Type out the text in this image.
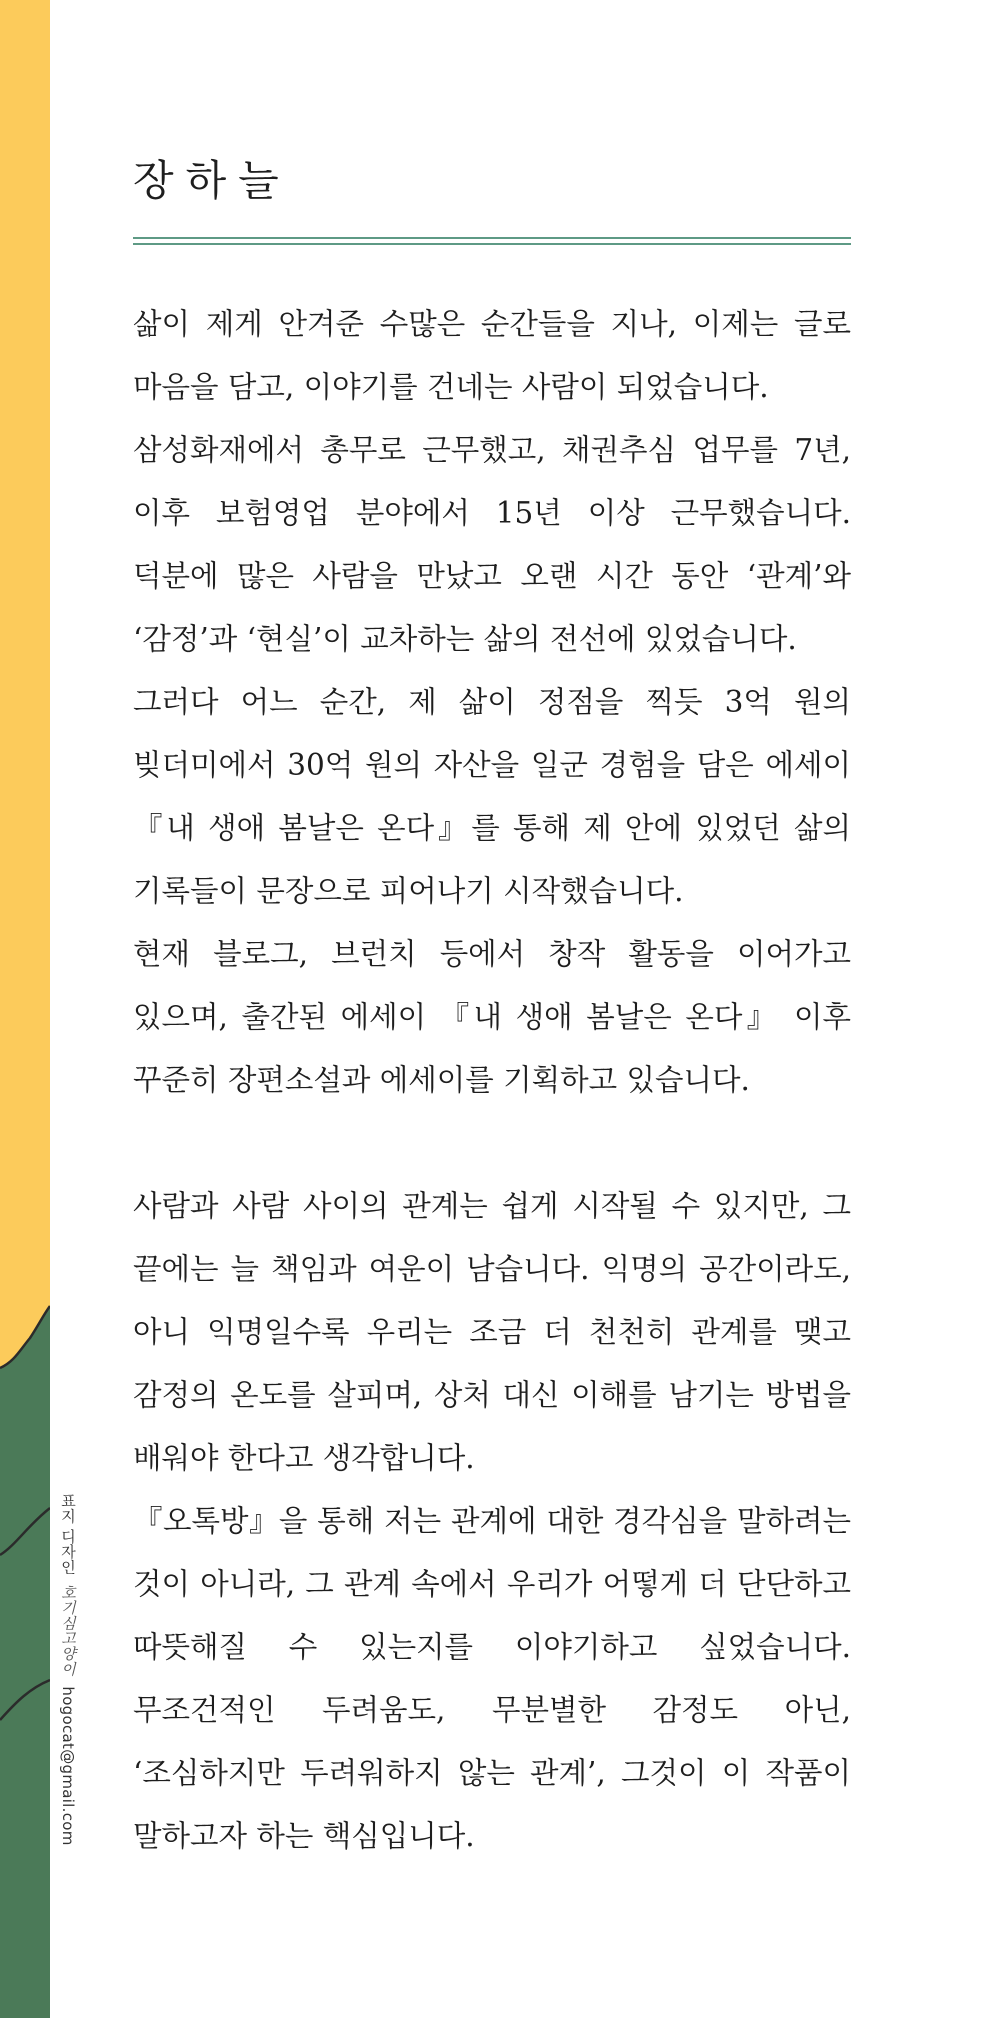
표지 디자인호기심고양이hogocat@gmail.com
장하늘

삶이 제게 안겨준 수많은 순간들을 지나, 이제는 글로 마음을 담고, 이야기를 건네는 사람이 되었습니다.

삼성화재에서 총무로 근무했고, 채권추심 업무를 7년, 이후 보험영업 분야에서 15년 이상 근무했습니다. 덕분에 많은 사람을 만났고 오랜 시간 동안 ‘관계’와 ‘감정’과 ‘현실’이 교차하는 삶의 전선에 있었습니다.

그러다 어느 순간, 제 삶이 정점을 찍듯 3억 원의 빚더미에서 30억 원의 자산을 일군 경험을 담은 에세이 『내 생애 봄날은 온다』를 통해 제 안에 있었던 삶의 기록들이 문장으로 피어나기 시작했습니다.

현재 블로그, 브런치 등에서 창작 활동을 이어가고 있으며, 출간된 에세이 『내 생애 봄날은 온다』 이후 꾸준히 장편소설과 에세이를 기획하고 있습니다.

사람과 사람 사이의 관계는 쉽게 시작될 수 있지만, 그 끝에는 늘 책임과 여운이 남습니다. 익명의 공간이라도, 아니 익명일수록 우리는 조금 더 천천히 관계를 맺고 감정의 온도를 살피며, 상처 대신 이해를 남기는 방법을 배워야 한다고 생각합니다.

『오톡방』을 통해 저는 관계에 대한 경각심을 말하려는 것이 아니라, 그 관계 속에서 우리가 어떻게 더 단단하고 따뜻해질 수 있는지를 이야기하고 싶었습니다. 무조건적인 두려움도, 무분별한 감정도 아닌, ‘조심하지만 두려워하지 않는 관계’, 그것이 이 작품이 말하고자 하는 핵심입니다.
